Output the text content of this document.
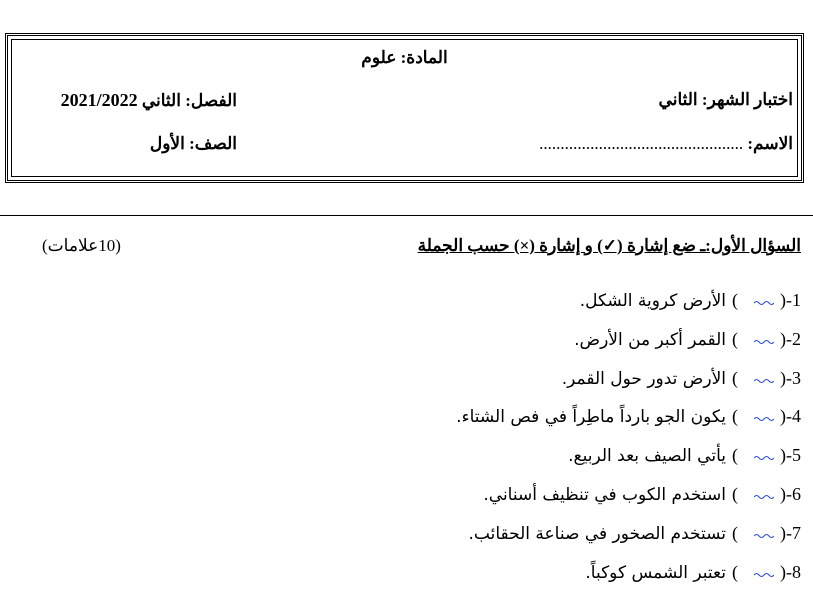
المادة: علوم
اختبار الشهر: الثاني
الفصل: الثاني 2021/2022
الاسم: ................................................
الصف: الأول
السؤال الأول:ـ ضع إشارة (✓) و إشارة (×) حسب الجملة
(10علامات)
1-(
)الأرض كروية الشكل.
2-(
)القمر أكبر من الأرض.
3-(
)الأرض تدور حول القمر.
4-(
)يكون الجو بارداً ماطِراً في فص الشتاء.
5-(
)يأتي الصيف بعد الربيع.
6-(
)استخدم الكوب في تنظيف أسناني.
7-(
)تستخدم الصخور في صناعة الحقائب.
8-(
)تعتبر الشمس كوكباً.
